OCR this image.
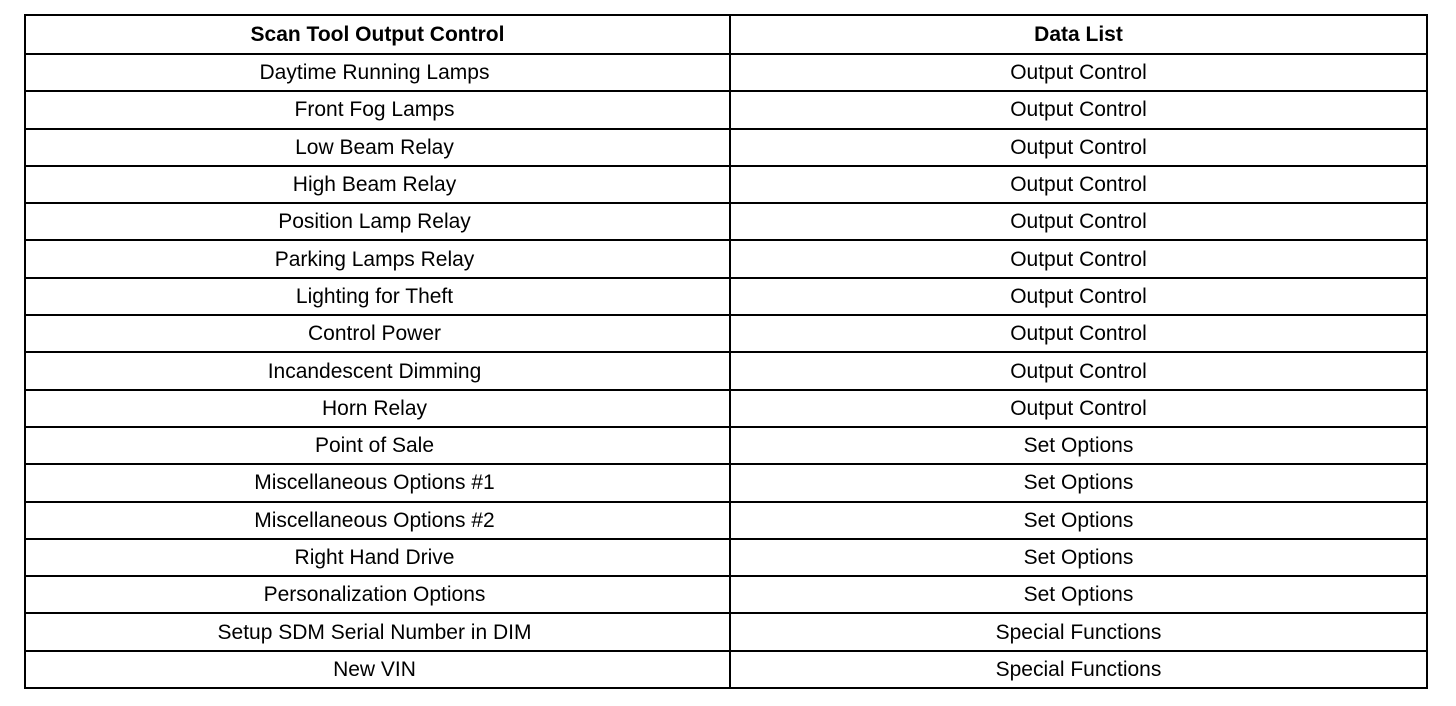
Scan Tool Output Control	Data List
Daytime Running Lamps	Output Control
Front Fog Lamps	Output Control
Low Beam Relay	Output Control
High Beam Relay	Output Control
Position Lamp Relay	Output Control
Parking Lamps Relay	Output Control
Lighting for Theft	Output Control
Control Power	Output Control
Incandescent Dimming	Output Control
Horn Relay	Output Control
Point of Sale	Set Options
Miscellaneous Options #1	Set Options
Miscellaneous Options #2	Set Options
Right Hand Drive	Set Options
Personalization Options	Set Options
Setup SDM Serial Number in DIM	Special Functions
New VIN	Special Functions
